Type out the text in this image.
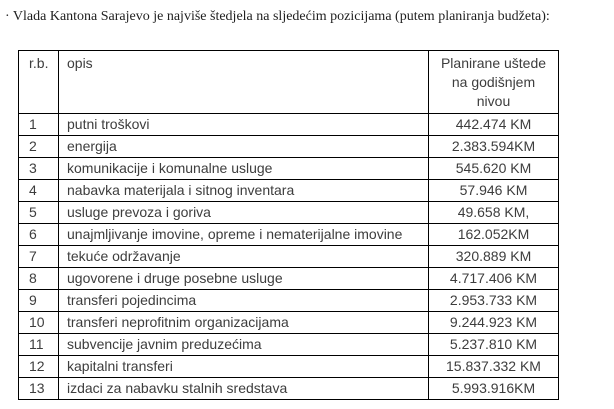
· Vlada Kantona Sarajevo je najviše štedjela na sljedećim pozicijama (putem planiranja budžeta):
r.b.	opis	Planirane uštede
na godišnjem
nivou

1	putni troškovi	442.474 KM
2	energija	2.383.594KM
3	komunikacije i komunalne usluge	545.620 KM
4	nabavka materijala i sitnog inventara	57.946 KM
5	usluge prevoza i goriva	49.658 KM,
6	unajmljivanje imovine, opreme i nematerijalne imovine	162.052KM
7	tekuće održavanje	320.889 KM
8	ugovorene i druge posebne usluge	4.717.406 KM
9	transferi pojedincima	2.953.733 KM
10	transferi neprofitnim organizacijama	9.244.923 KM
11	subvencije javnim preduzećima	5.237.810 KM
12	kapitalni transferi	15.837.332 KM
13	izdaci za nabavku stalnih sredstava	5.993.916KM
